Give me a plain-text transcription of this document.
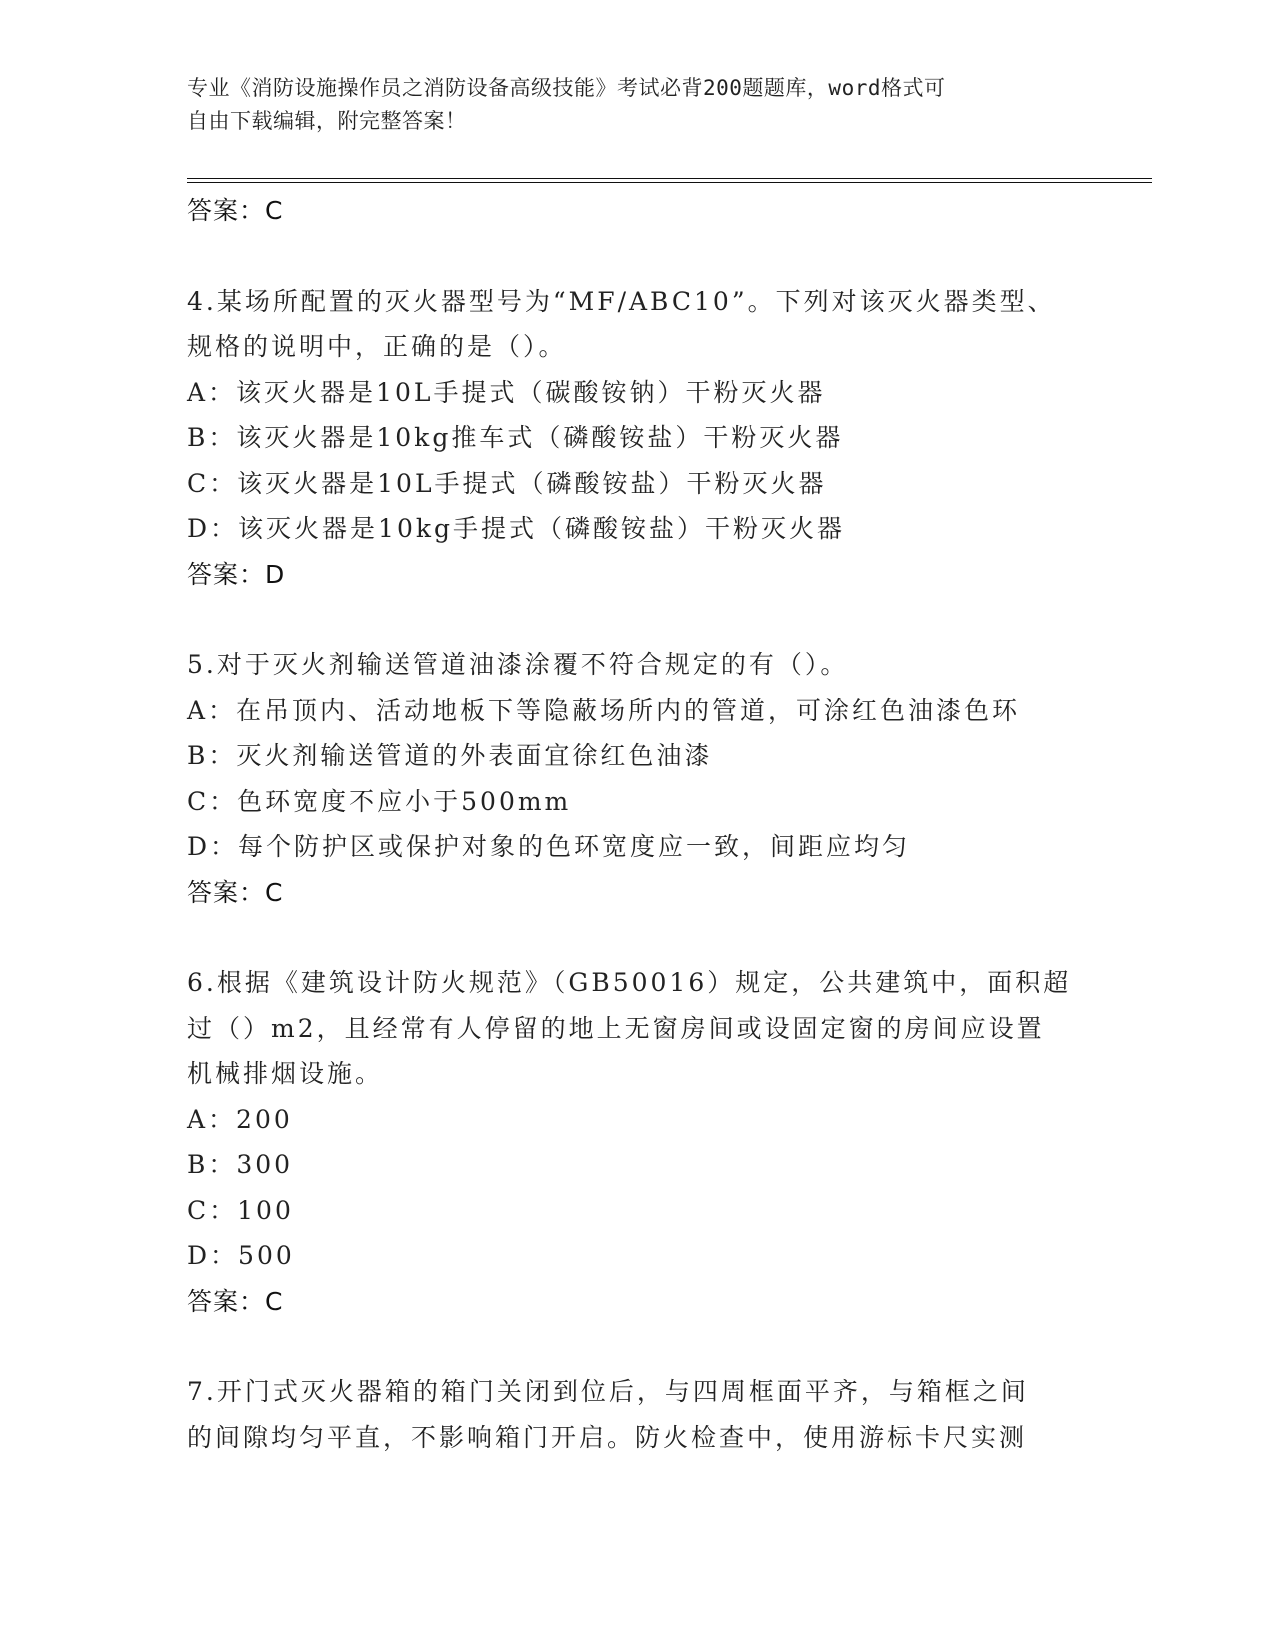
专业《消防设施操作员之消防设备高级技能》考试必背200题题库，word格式可
自由下载编辑，附完整答案！
答案：C
4.某场所配置的灭火器型号为“MF/ABC10”。下列对该灭火器类型、
规格的说明中，正确的是（）。
A：该灭火器是10L手提式（碳酸铵钠）干粉灭火器
B：该灭火器是10kg推车式（磷酸铵盐）干粉灭火器
C：该灭火器是10L手提式（磷酸铵盐）干粉灭火器
D：该灭火器是10kg手提式（磷酸铵盐）干粉灭火器
答案：D
5.对于灭火剂输送管道油漆涂覆不符合规定的有（）。
A：在吊顶内、活动地板下等隐蔽场所内的管道，可涂红色油漆色环
B：灭火剂输送管道的外表面宜徐红色油漆
C：色环宽度不应小于500mm
D：每个防护区或保护对象的色环宽度应一致，间距应均匀
答案：C
6.根据《建筑设计防火规范》（GB50016）规定，公共建筑中，面积超
过（）m2，且经常有人停留的地上无窗房间或设固定窗的房间应设置
机械排烟设施。
A：200
B：300
C：100
D：500
答案：C
7.开门式灭火器箱的箱门关闭到位后，与四周框面平齐，与箱框之间
的间隙均匀平直，不影响箱门开启。防火检查中，使用游标卡尺实测
